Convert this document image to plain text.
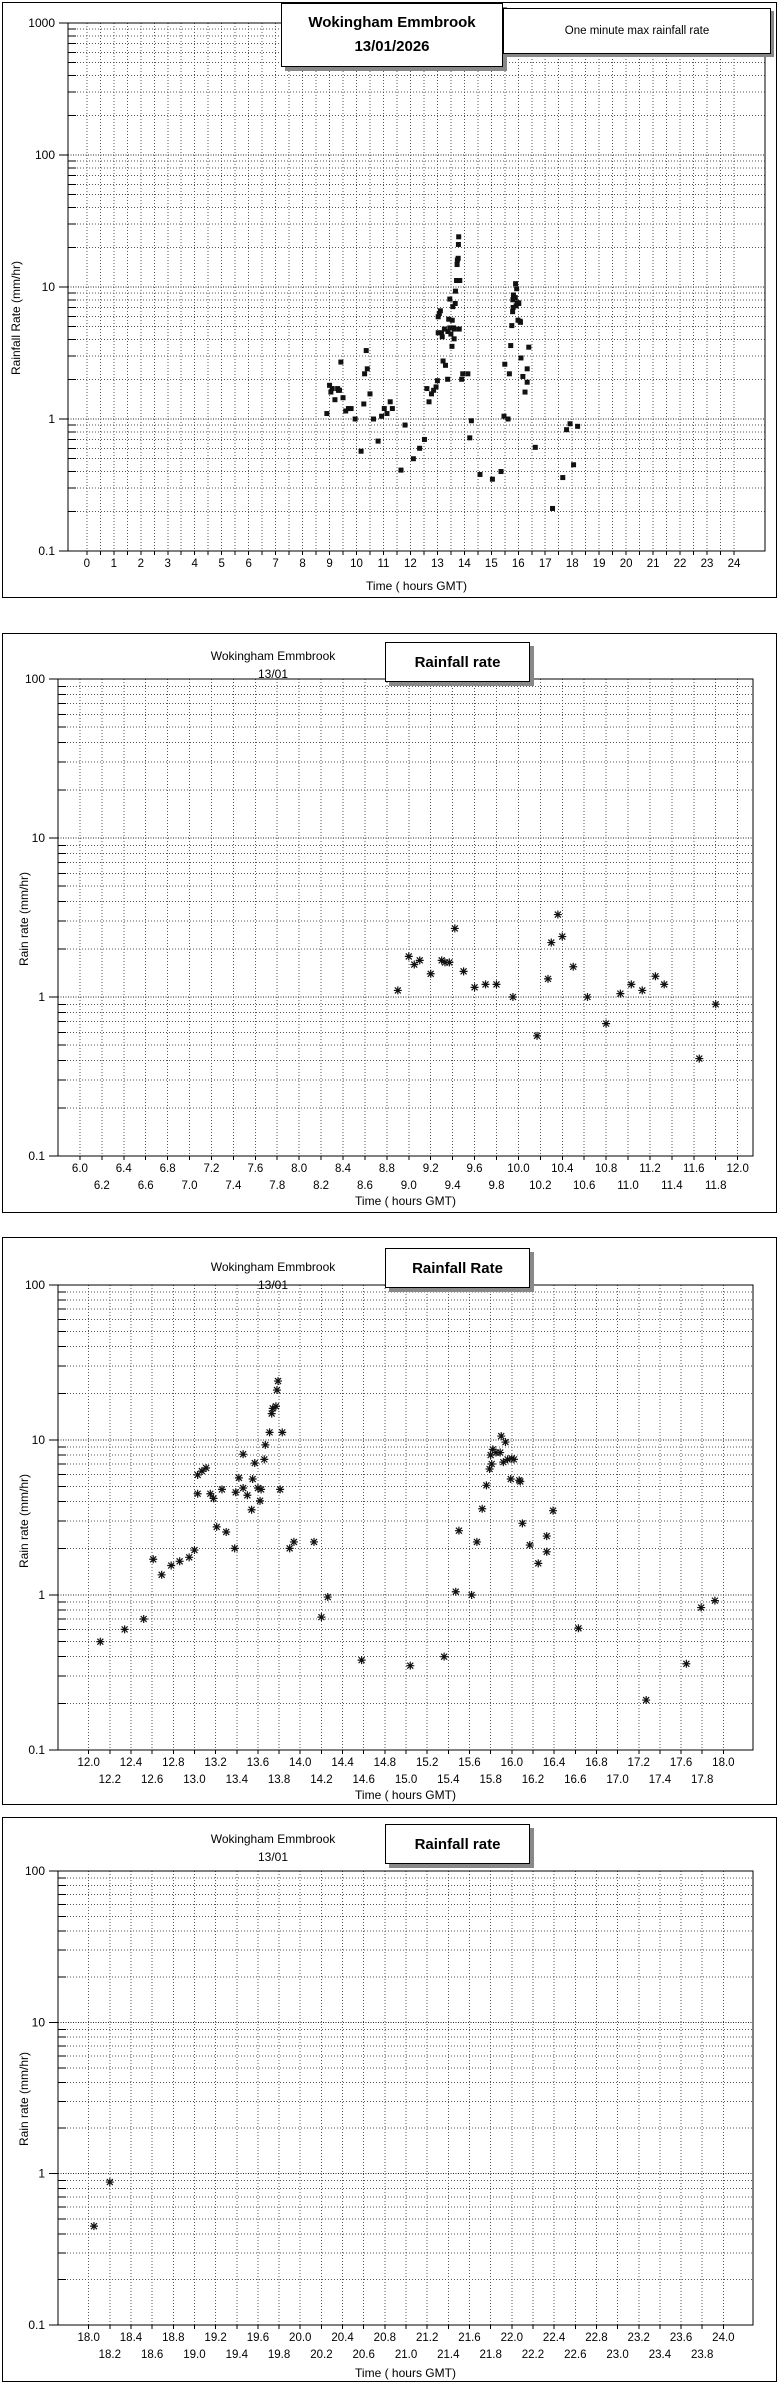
1000
100
10
1
0.1
0 1 2 3 4 5 6 7 8 9 10 11 12 13 14 15 16 17 18 19 20 21 22 23 24
Rainfall Rate (mm/hr)
Time ( hours GMT)
Wokingham Emmbrook
13/01/2026
One minute max rainfall rate
100
10
1
0.1
6.0
6.2
6.4
6.6
6.8
7.0
7.2
7.4
7.6
7.8
8.0
8.2
8.4
8.6
8.8
9.0
9.2
9.4
9.6
9.8
10.0
10.2
10.4
10.6
10.8
11.0
11.2
11.4
11.6
11.8
12.0
Rain rate (mm/hr)
Time ( hours GMT)
Wokingham Emmbrook
13/01
Rainfall rate
100
10
1
0.1
12.0
12.2
12.4
12.6
12.8
13.0
13.2
13.4
13.6
13.8
14.0
14.2
14.4
14.6
14.8
15.0
15.2
15.4
15.6
15.8
16.0
16.2
16.4
16.6
16.8
17.0
17.2
17.4
17.6
17.8
18.0
Rain rate (mm/hr)
Time ( hours GMT)
Wokingham Emmbrook
13/01
Rainfall Rate
100
10
1
0.1
18.0
18.2
18.4
18.6
18.8
19.0
19.2
19.4
19.6
19.8
20.0
20.2
20.4
20.6
20.8
21.0
21.2
21.4
21.6
21.8
22.0
22.2
22.4
22.6
22.8
23.0
23.2
23.4
23.6
23.8
24.0
Rain rate (mm/hr)
Time ( hours GMT)
Wokingham Emmbrook
13/01
Rainfall rate
